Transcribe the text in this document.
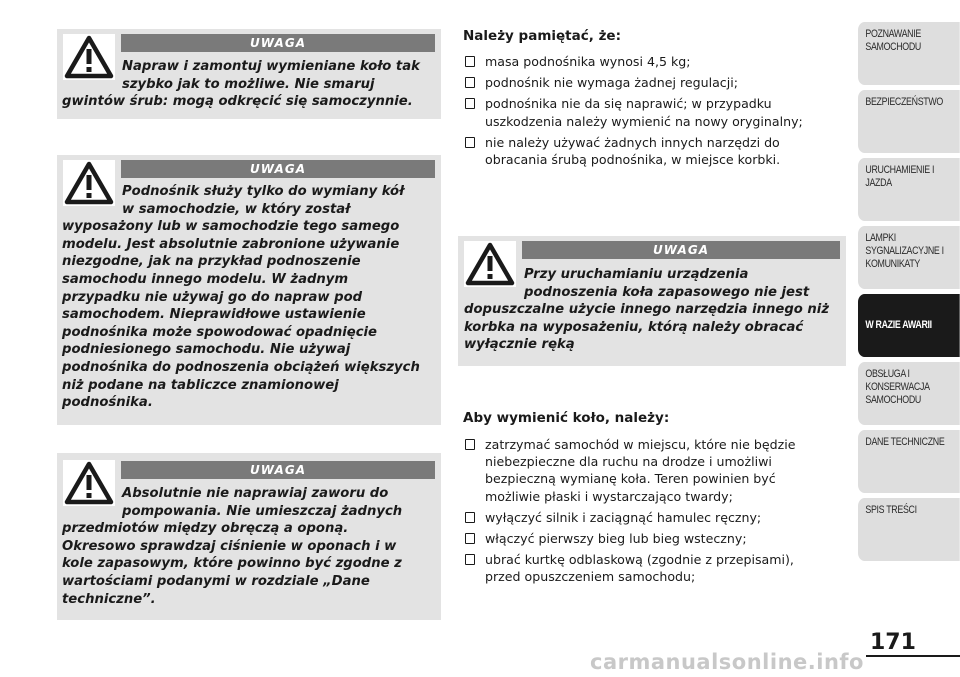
UWAGA
Napraw i zamontuj wymieniane koło tak
szybko jak to możliwe. Nie smaruj
gwintów śrub: mogą odkręcić się samoczynnie.
UWAGA
Podnośnik służy tylko do wymiany kół
w samochodzie, w który został
wyposażony lub w samochodzie tego samego
modelu. Jest absolutnie zabronione używanie
niezgodne, jak na przykład podnoszenie
samochodu innego modelu. W żadnym
przypadku nie używaj go do napraw pod
samochodem. Nieprawidłowe ustawienie
podnośnika może spowodować opadnięcie
podniesionego samochodu. Nie używaj
podnośnika do podnoszenia obciążeń większych
niż podane na tabliczce znamionowej
podnośnika.
UWAGA
Absolutnie nie naprawiaj zaworu do
pompowania. Nie umieszczaj żadnych
przedmiotów między obręczą a oponą.
Okresowo sprawdzaj ciśnienie w oponach i w
kole zapasowym, które powinno być zgodne z
wartościami podanymi w rozdziale „Dane
techniczne”.
Należy pamiętać, że:
masa podnośnika wynosi 4,5 kg;
podnośnik nie wymaga żadnej regulacji;
podnośnika nie da się naprawić; w przypadku
uszkodzenia należy wymienić na nowy oryginalny;
nie należy używać żadnych innych narzędzi do
obracania śrubą podnośnika, w miejsce korbki.
UWAGA
Przy uruchamianiu urządzenia
podnoszenia koła zapasowego nie jest
dopuszczalne użycie innego narzędzia innego niż
korbka na wyposażeniu, którą należy obracać
wyłącznie ręką
Aby wymienić koło, należy:
zatrzymać samochód w miejscu, które nie będzie
niebezpieczne dla ruchu na drodze i umożliwi
bezpieczną wymianę koła. Teren powinien być
możliwie płaski i wystarczająco twardy;
wyłączyć silnik i zaciągnąć hamulec ręczny;
włączyć pierwszy bieg lub bieg wsteczny;
ubrać kurtkę odblaskową (zgodnie z przepisami),
przed opuszczeniem samochodu;
POZNAWANIE
SAMOCHODU
BEZPIECZEŃSTWO
URUCHAMIENIE I
JAZDA
LAMPKI
SYGNALIZACYJNE I
KOMUNIKATY
W RAZIE AWARII
OBSŁUGA I
KONSERWACJA
SAMOCHODU
DANE TECHNICZNE
SPIS TREŚCI
171
carmanualsonline.info
